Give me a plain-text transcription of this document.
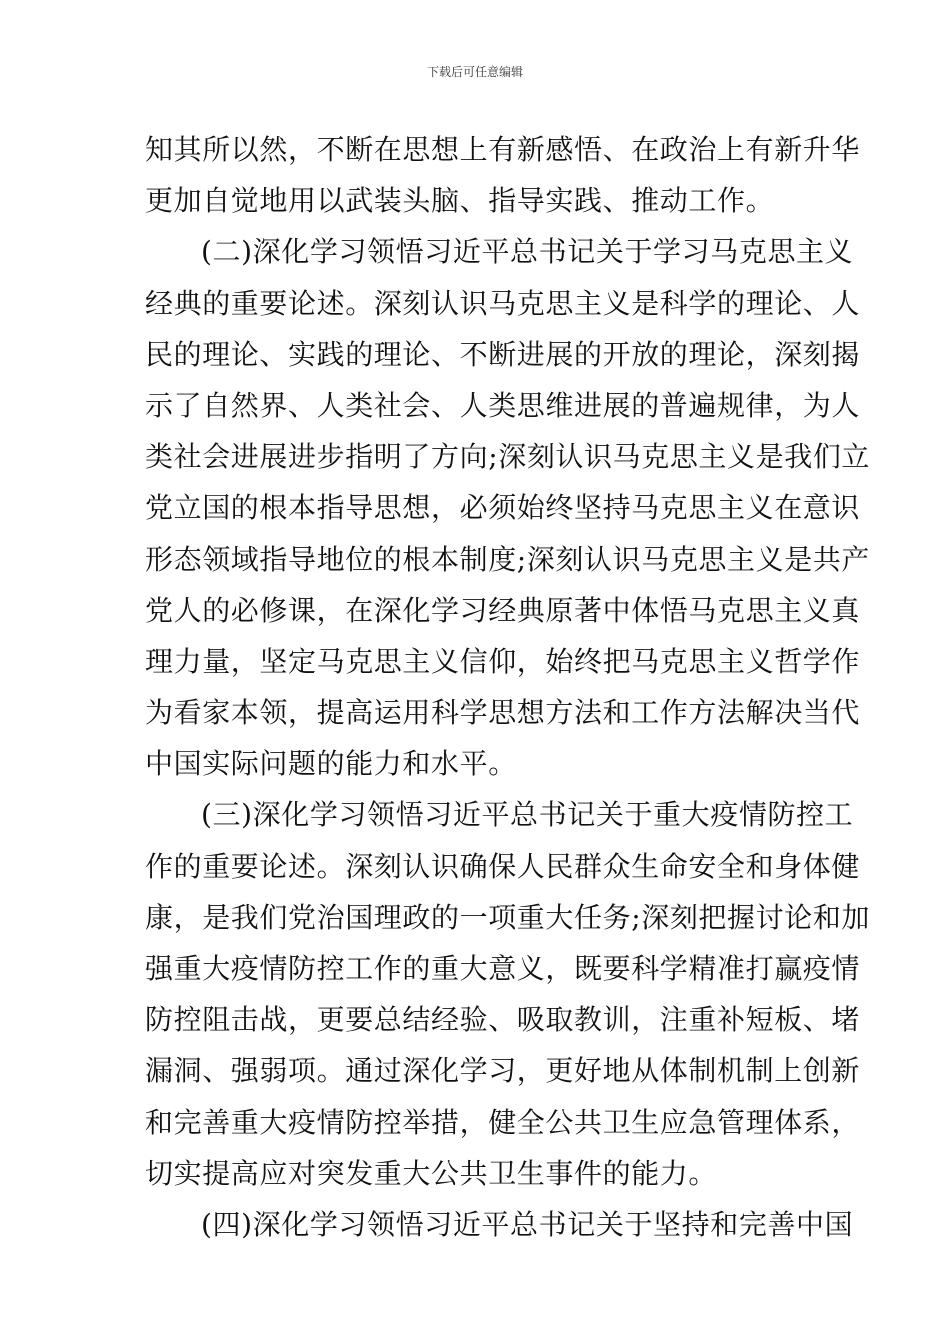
下载后可任意编辑
知其所以然，不断在思想上有新感悟、在政治上有新升华
更加自觉地用以武装头脑、指导实践、推动工作。
(二)深化学习领悟习近平总书记关于学习马克思主义
经典的重要论述。深刻认识马克思主义是科学的理论、人
民的理论、实践的理论、不断进展的开放的理论，深刻揭
示了自然界、人类社会、人类思维进展的普遍规律，为人
类社会进展进步指明了方向;深刻认识马克思主义是我们立
党立国的根本指导思想，必须始终坚持马克思主义在意识
形态领域指导地位的根本制度;深刻认识马克思主义是共产
党人的必修课，在深化学习经典原著中体悟马克思主义真
理力量，坚定马克思主义信仰，始终把马克思主义哲学作
为看家本领，提高运用科学思想方法和工作方法解决当代
中国实际问题的能力和水平。
(三)深化学习领悟习近平总书记关于重大疫情防控工
作的重要论述。深刻认识确保人民群众生命安全和身体健
康，是我们党治国理政的一项重大任务;深刻把握讨论和加
强重大疫情防控工作的重大意义，既要科学精准打赢疫情
防控阻击战，更要总结经验、吸取教训，注重补短板、堵
漏洞、强弱项。通过深化学习，更好地从体制机制上创新
和完善重大疫情防控举措，健全公共卫生应急管理体系，
切实提高应对突发重大公共卫生事件的能力。
(四)深化学习领悟习近平总书记关于坚持和完善中国
